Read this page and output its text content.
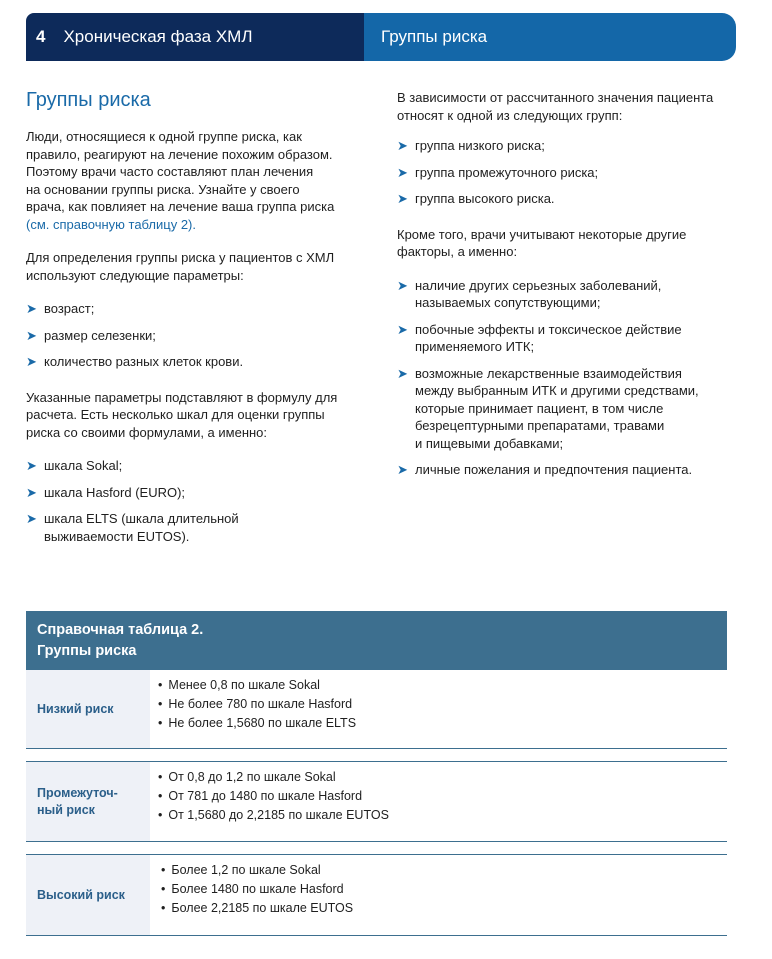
4 Хроническая фаза ХМЛ	Группы риска
Группы риска

Люди, относящиеся к одной группе риска, как
правило, реагируют на лечение похожим образом.
Поэтому врачи часто составляют план лечения
на основании группы риска. Узнайте у своего
врача, как повлияет на лечение ваша группа риска
(см. справочную таблицу 2).

Для определения группы риска у пациентов с ХМЛ
используют следующие параметры:

➤ возраст;
➤ размер селезенки;
➤ количество разных клеток крови.

Указанные параметры подставляют в формулу для
расчета. Есть несколько шкал для оценки группы
риска со своими формулами, а именно:

➤ шкала Sokal;
➤ шкала Hasford (EURO);
➤ шкала ELTS (шкала длительной
выживаемости EUTOS).

В зависимости от рассчитанного значения пациента
относят к одной из следующих групп:

➤ группа низкого риска;
➤ группа промежуточного риска;
➤ группа высокого риска.

Кроме того, врачи учитывают некоторые другие
факторы, а именно:

➤ наличие других серьезных заболеваний,
называемых сопутствующими;
➤ побочные эффекты и токсическое действие
применяемого ИТК;
➤ возможные лекарственные взаимодействия
между выбранным ИТК и другими средствами,
которые принимает пациент, в том числе
безрецептурными препаратами, травами
и пищевыми добавками;
➤ личные пожелания и предпочтения пациента.
Справочная таблица 2.
Группы риска
Низкий риск
• Менее 0,8 по шкале Sokal
• Не более 780 по шкале Hasford
• Не более 1,5680 по шкале ELTS
Промежуточ-
ный риск
• От 0,8 до 1,2 по шкале Sokal
• От 781 до 1480 по шкале Hasford
• От 1,5680 до 2,2185 по шкале EUTOS
Высокий риск
• Более 1,2 по шкале Sokal
• Более 1480 по шкале Hasford
• Более 2,2185 по шкале EUTOS
